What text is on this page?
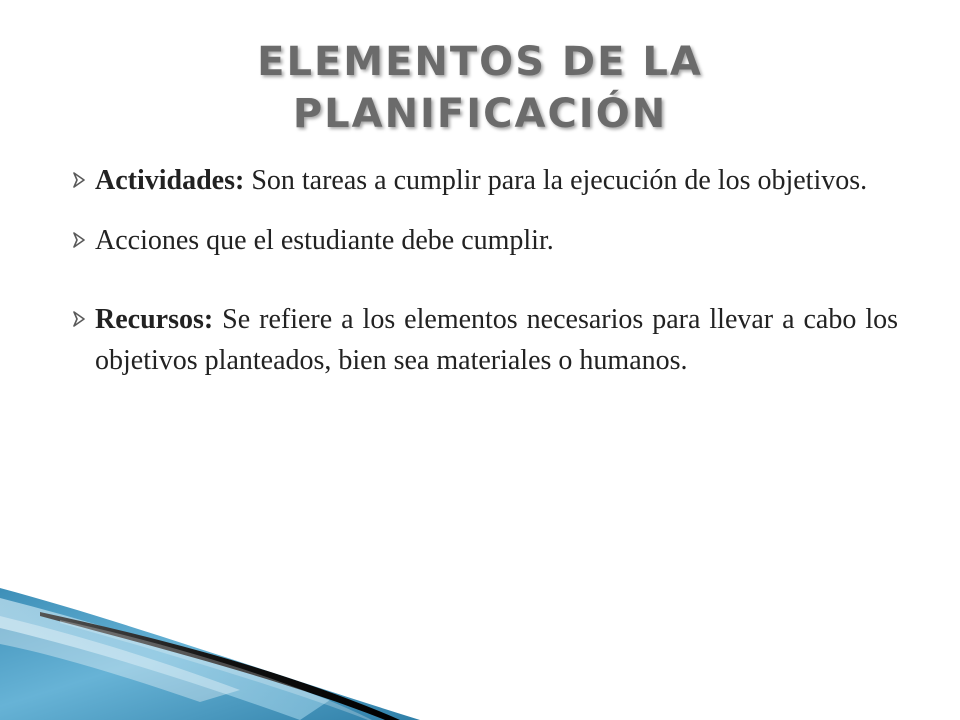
ELEMENTOS DE LA
PLANIFICACIÓN

Actividades: Son tareas a cumplir para la ejecución de los objetivos.

Acciones que el estudiante debe cumplir.

Recursos: Se refiere a los elementos necesarios para llevar a cabo los objetivos planteados, bien sea materiales o humanos.
